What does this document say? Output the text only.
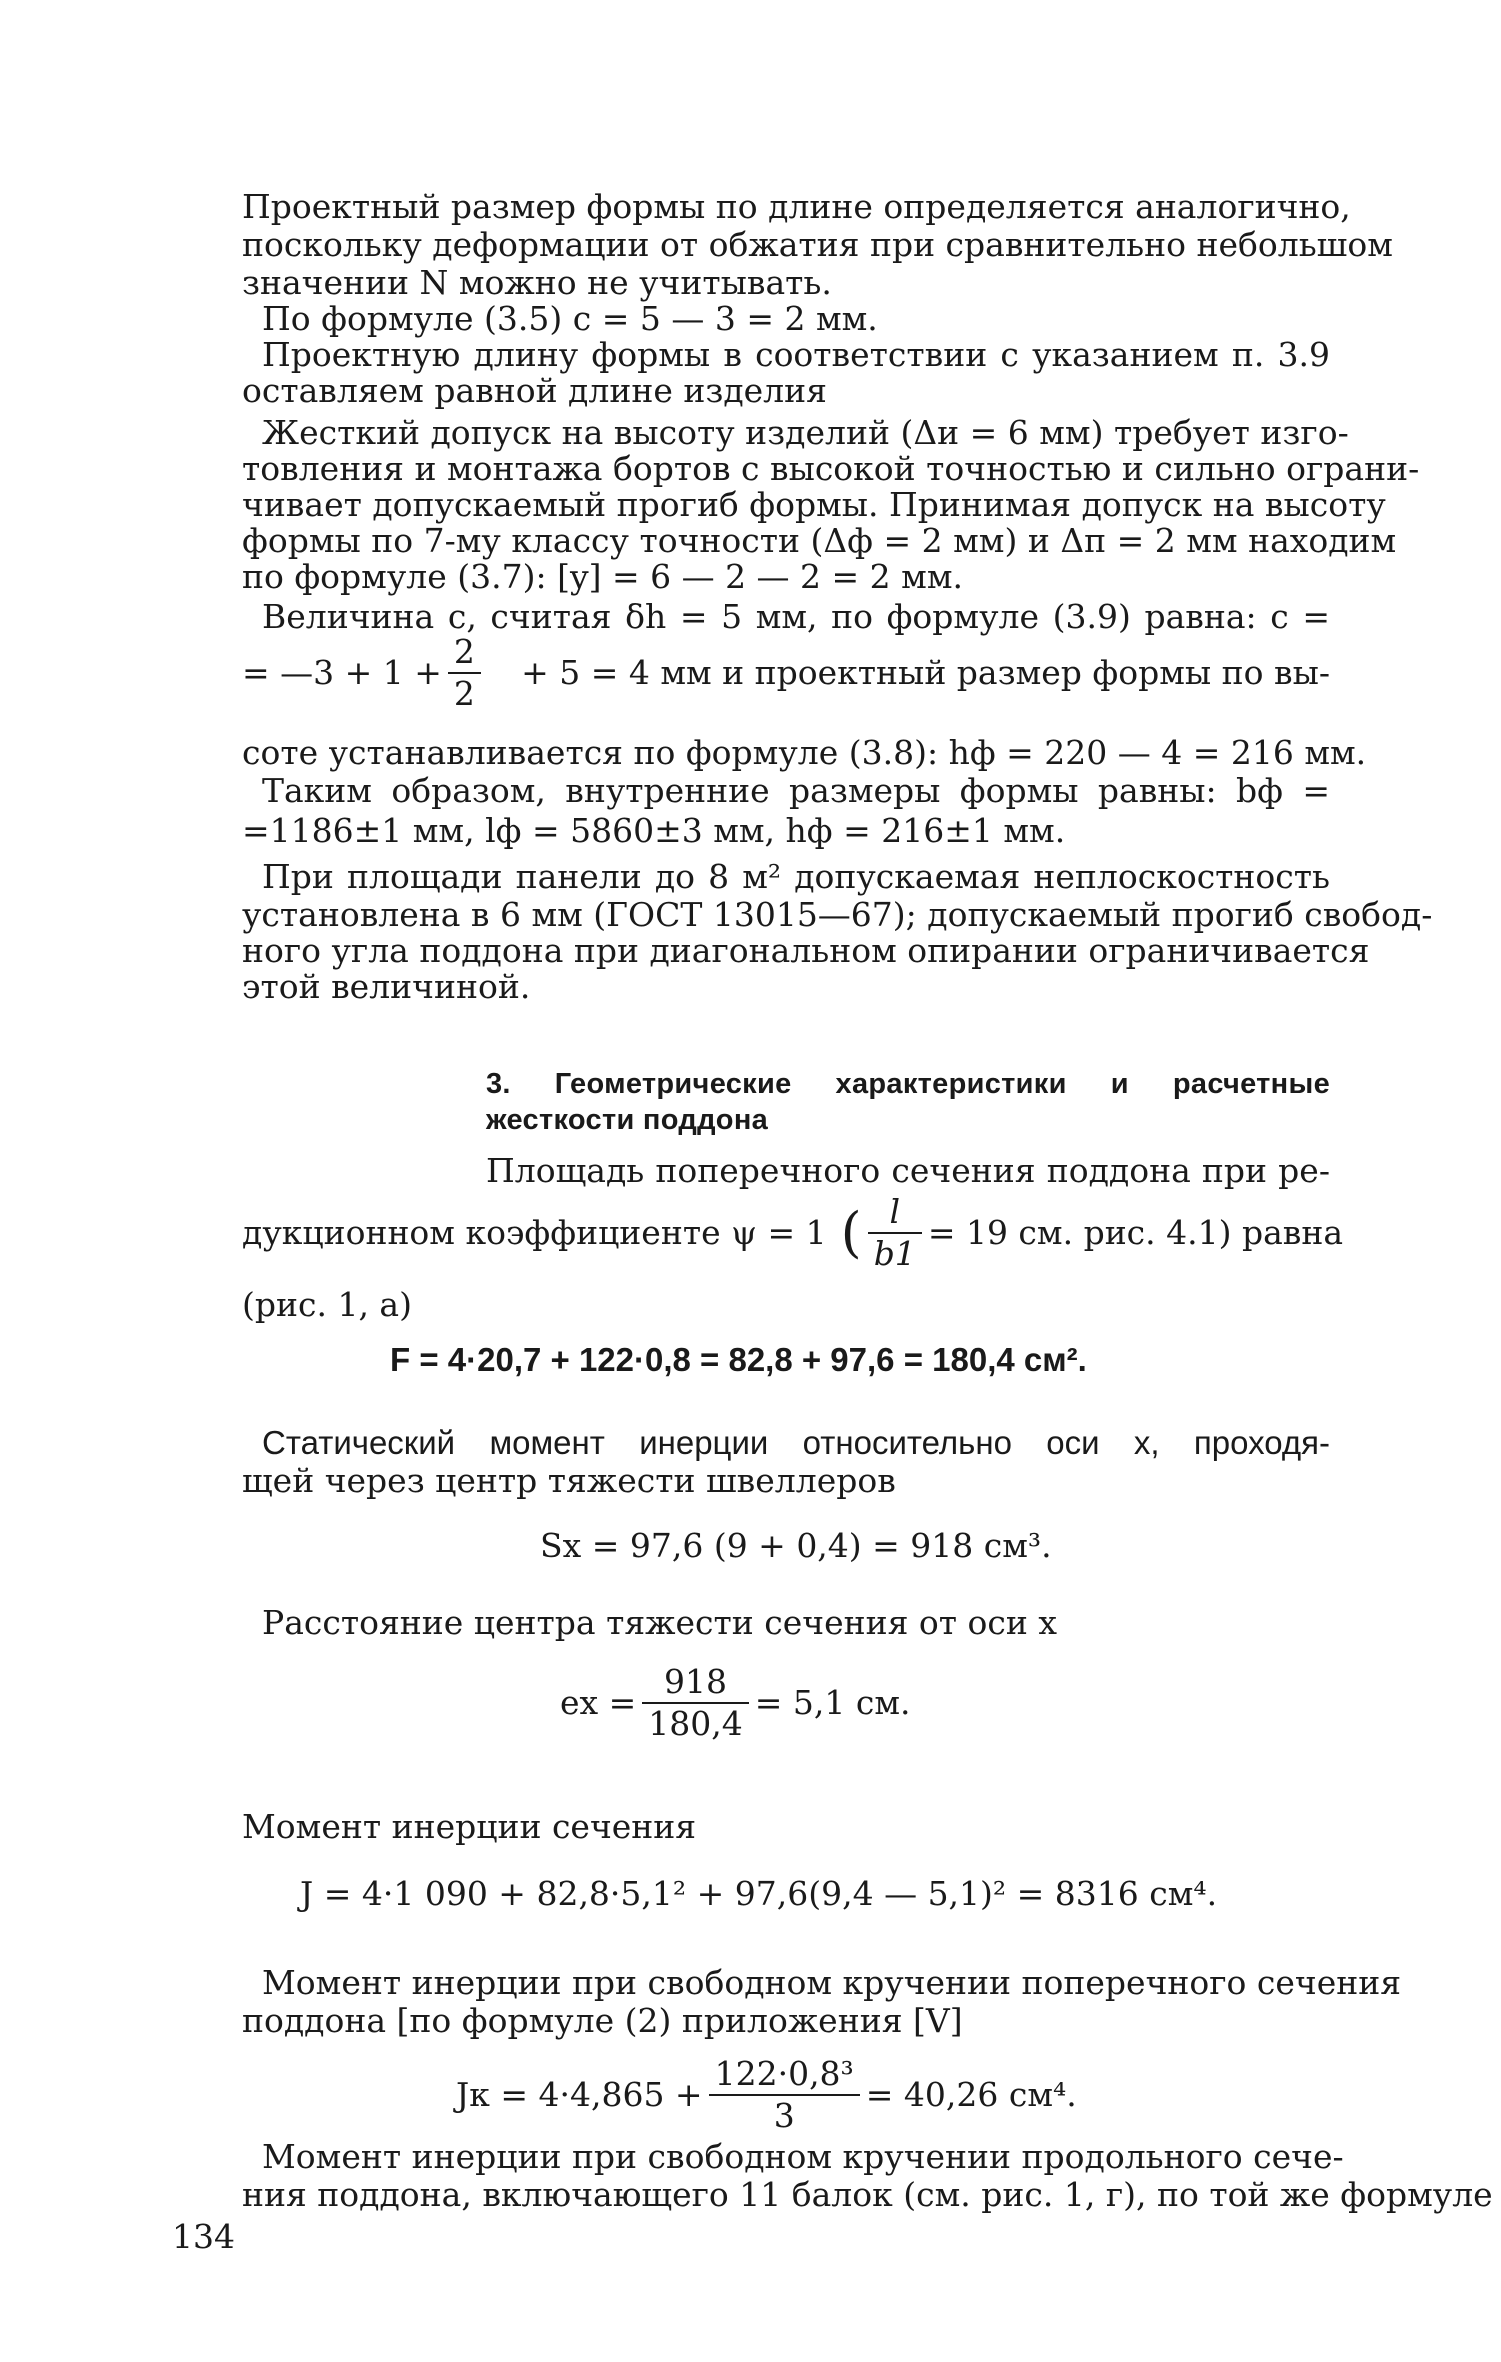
Проектный размер формы по длине определяется аналогично,

поскольку деформации от обжатия при сравнительно небольшом

значении N можно не учитывать.

По формуле (3.5) c = 5 — 3 = 2 мм.

Проектную длину формы в соответствии с указанием п. 3.9

оставляем равной длине изделия

Жесткий допуск на высоту изделий (Δи = 6 мм) требует изго-

товления и монтажа бортов с высокой точностью и сильно ограни-

чивает допускаемый прогиб формы. Принимая допуск на высоту

формы по 7-му классу точности (Δф = 2 мм) и Δп = 2 мм находим

по формуле (3.7): [y] = 6 — 2 — 2 = 2 мм.

Величина c, считая δh = 5 мм, по формуле (3.9) равна: c =

= —3 + $1 + \frac{2}{2} + 5 = 4$ мм и проектный размер формы по вы-

соте устанавливается по формуле (3.8): hф = 220 — 4 = 216 мм.

Таким образом, внутренние размеры формы равны: bф =

=1186±1 мм, lф = 5860±3 мм, hф = 216±1 мм.

При площади панели до 8 м² допускаемая неплоскостность

установлена в 6 мм (ГОСТ 13015—67); допускаемый прогиб свобод-

ного угла поддона при диагональном опирании ограничивается

этой величиной.

3. Геометрические характеристики и расчетные
жесткости поддона

Площадь поперечного сечения поддона при ре-

дукционном коэффициенте ψ = 1 ( $\frac{l}{b1} = 19$ см. рис. 4.1) равна

(рис. 1, а)

F = 4·20,7 + 122·0,8 = 82,8 + 97,6 = 180,4 см².

Статический момент инерции относительно оси x, проходя-

щей через центр тяжести швеллеров

Sx = 97,6 (9 + 0,4) = 918 см³.

Расстояние центра тяжести сечения от оси x

ex = $\frac{918}{180,4} = 5,1$ см.

Момент инерции сечения

J = 4·1 090 + 82,8·5,1² + 97,6(9,4 — 5,1)² = 8316 см⁴.

Момент инерции при свободном кручении поперечного сечения

поддона [по формуле (2) приложения [V]

Jк = $4\cdot 4,865 + \frac{\text{122·0,8³}}{3} = 40,26$ см⁴.

Момент инерции при свободном кручении продольного сече-

ния поддона, включающего 11 балок (см. рис. 1, г), по той же формуле

134
